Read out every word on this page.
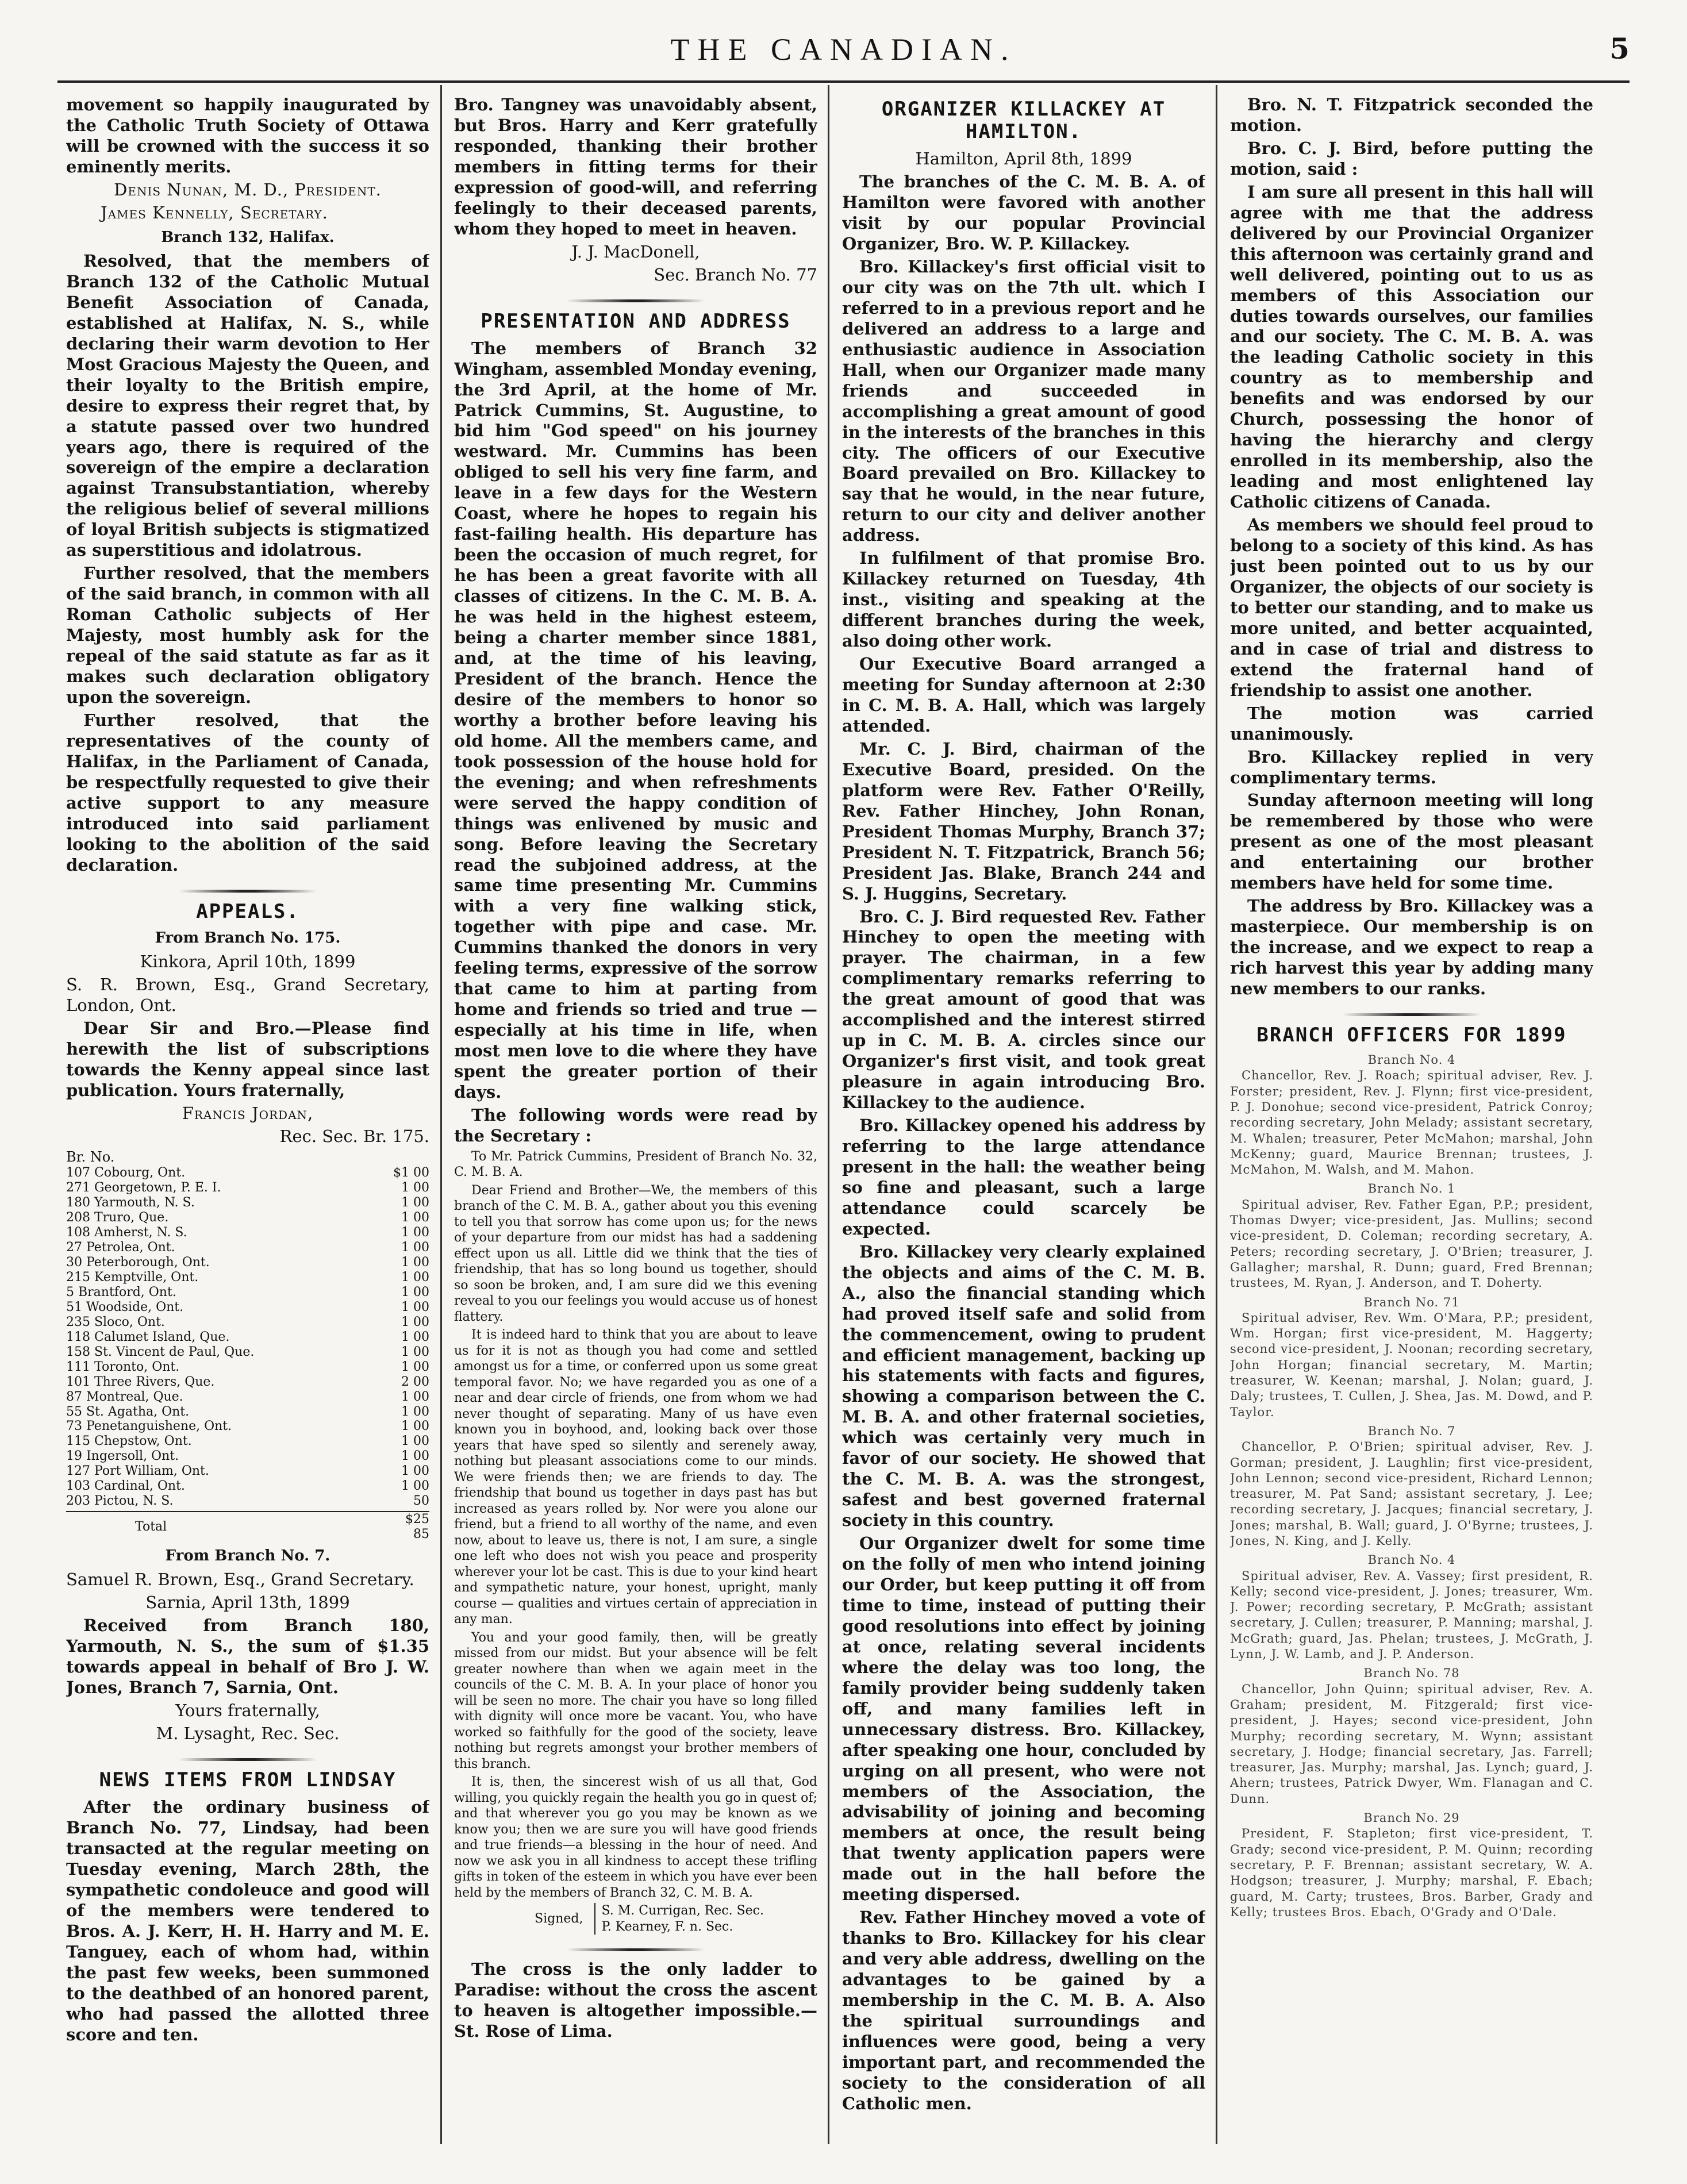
THE CANADIAN.	5

movement so happily inaugurated by the Catholic Truth Society of Ottawa will be crowned with the success it so eminently merits.

Denis Nunan, M. D., President.

James Kennelly, Secretary.

Branch 132, Halifax.

Resolved, that the members of Branch 132 of the Catholic Mutual Benefit Association of Canada, established at Halifax, N. S., while declaring their warm devotion to Her Most Gracious Majesty the Queen, and their loyalty to the British empire, desire to express their regret that, by a statute passed over two hundred years ago, there is required of the sovereign of the empire a declaration against Transubstantiation, whereby the religious belief of several millions of loyal British subjects is stigmatized as superstitious and idolatrous.

Further resolved, that the members of the said branch, in common with all Roman Catholic subjects of Her Majesty, most humbly ask for the repeal of the said statute as far as it makes such declaration obligatory upon the sovereign.

Further resolved, that the representatives of the county of Halifax, in the Parliament of Canada, be respectfully requested to give their active support to any measure introduced into said parliament looking to the abolition of the said declaration.

APPEALS.
From Branch No. 175.

Kinkora, April 10th, 1899

S. R. Brown, Esq., Grand Secretary, London, Ont.

Dear Sir and Bro.—Please find herewith the list of subscriptions towards the Kenny appeal since last publication. Yours fraternally,

Francis Jordan,

Rec. Sec. Br. 175.

Br. No.
107 Cobourg, Ont.	$1 00
271 Georgetown, P. E. I.	1 00
180 Yarmouth, N. S.	1 00
208 Truro, Que.	1 00
108 Amherst, N. S.	1 00
27 Petrolea, Ont.	1 00
30 Peterborough, Ont.	1 00
215 Kemptville, Ont.	1 00
5 Brantford, Ont.	1 00
51 Woodside, Ont.	1 00
235 Sloco, Ont.	1 00
118 Calumet Island, Que.	1 00
158 St. Vincent de Paul, Que.	1 00
111 Toronto, Ont.	1 00
101 Three Rivers, Que.	2 00
87 Montreal, Que.	1 00
55 St. Agatha, Ont.	1 00
73 Penetanguishene, Ont.	1 00
115 Chepstow, Ont.	1 00
19 Ingersoll, Ont.	1 00
127 Port William, Ont.	1 00
103 Cardinal, Ont.	1 00
203 Pictou, N. S.	50
Total	$25 85
From Branch No. 7.

Samuel R. Brown, Esq., Grand Secretary.

Sarnia, April 13th, 1899

Received from Branch 180, Yarmouth, N. S., the sum of $1.35 towards appeal in behalf of Bro J. W. Jones, Branch 7, Sarnia, Ont.

Yours fraternally,

M. Lysaght, Rec. Sec.

NEWS ITEMS FROM LINDSAY

After the ordinary business of Branch No. 77, Lindsay, had been transacted at the regular meeting on Tuesday evening, March 28th, the sympathetic condoleuce and good will of the members were tendered to Bros. A. J. Kerr, H. H. Harry and M. E. Tanguey, each of whom had, within the past few weeks, been summoned to the deathbed of an honored parent, who had passed the allotted three score and ten.

Bro. Tangney was unavoidably absent, but Bros. Harry and Kerr gratefully responded, thanking their brother members in fitting terms for their expression of good-will, and referring feelingly to their deceased parents, whom they hoped to meet in heaven.

J. J. MacDonell,

Sec. Branch No. 77

PRESENTATION AND ADDRESS

The members of Branch 32 Wingham, assembled Monday evening, the 3rd April, at the home of Mr. Patrick Cummins, St. Augustine, to bid him "God speed" on his journey westward. Mr. Cummins has been obliged to sell his very fine farm, and leave in a few days for the Western Coast, where he hopes to regain his fast-failing health. His departure has been the occasion of much regret, for he has been a great favorite with all classes of citizens. In the C. M. B. A. he was held in the highest esteem, being a charter member since 1881, and, at the time of his leaving, President of the branch. Hence the desire of the members to honor so worthy a brother before leaving his old home. All the members came, and took possession of the house hold for the evening; and when refreshments were served the happy condition of things was enlivened by music and song. Before leaving the Secretary read the subjoined address, at the same time presenting Mr. Cummins with a very fine walking stick, together with pipe and case. Mr. Cummins thanked the donors in very feeling terms, expressive of the sorrow that came to him at parting from home and friends so tried and true — especially at his time in life, when most men love to die where they have spent the greater portion of their days.

The following words were read by the Secretary :

To Mr. Patrick Cummins, President of Branch No. 32, C. M. B. A.

Dear Friend and Brother—We, the members of this branch of the C. M. B. A., gather about you this evening to tell you that sorrow has come upon us; for the news of your departure from our midst has had a saddening effect upon us all. Little did we think that the ties of friendship, that has so long bound us together, should so soon be broken, and, I am sure did we this evening reveal to you our feelings you would accuse us of honest flattery.

It is indeed hard to think that you are about to leave us for it is not as though you had come and settled amongst us for a time, or conferred upon us some great temporal favor. No; we have regarded you as one of a near and dear circle of friends, one from whom we had never thought of separating. Many of us have even known you in boyhood, and, looking back over those years that have sped so silently and serenely away, nothing but pleasant associations come to our minds. We were friends then; we are friends to day. The friendship that bound us together in days past has but increased as years rolled by. Nor were you alone our friend, but a friend to all worthy of the name, and even now, about to leave us, there is not, I am sure, a single one left who does not wish you peace and prosperity wherever your lot be cast. This is due to your kind heart and sympathetic nature, your honest, upright, manly course — qualities and virtues certain of appreciation in any man.

You and your good family, then, will be greatly missed from our midst. But your absence will be felt greater nowhere than when we again meet in the councils of the C. M. B. A. In your place of honor you will be seen no more. The chair you have so long filled with dignity will once more be vacant. You, who have worked so faithfully for the good of the society, leave nothing but regrets amongst your brother members of this branch.

It is, then, the sincerest wish of us all that, God willing, you quickly regain the health you go in quest of; and that wherever you go you may be known as we know you; then we are sure you will have good friends and true friends—a blessing in the hour of need. And now we ask you in all kindness to accept these trifling gifts in token of the esteem in which you have ever been held by the members of Branch 32, C. M. B. A.

Signed,
S. M. Currigan, Rec. Sec.
P. Kearney, F. n. Sec.

The cross is the only ladder to Paradise: without the cross the ascent to heaven is altogether impossible.—St. Rose of Lima.

ORGANIZER KILLACKEY AT HAMILTON.

Hamilton, April 8th, 1899

The branches of the C. M. B. A. of Hamilton were favored with another visit by our popular Provincial Organizer, Bro. W. P. Killackey.

Bro. Killackey's first official visit to our city was on the 7th ult. which I referred to in a previous report and he delivered an address to a large and enthusiastic audience in Association Hall, when our Organizer made many friends and succeeded in accomplishing a great amount of good in the interests of the branches in this city. The officers of our Executive Board prevailed on Bro. Killackey to say that he would, in the near future, return to our city and deliver another address.

In fulfilment of that promise Bro. Killackey returned on Tuesday, 4th inst., visiting and speaking at the different branches during the week, also doing other work.

Our Executive Board arranged a meeting for Sunday afternoon at 2:30 in C. M. B. A. Hall, which was largely attended.

Mr. C. J. Bird, chairman of the Executive Board, presided. On the platform were Rev. Father O'Reilly, Rev. Father Hinchey, John Ronan, President Thomas Murphy, Branch 37; President N. T. Fitzpatrick, Branch 56; President Jas. Blake, Branch 244 and S. J. Huggins, Secretary.

Bro. C. J. Bird requested Rev. Father Hinchey to open the meeting with prayer. The chairman, in a few complimentary remarks referring to the great amount of good that was accomplished and the interest stirred up in C. M. B. A. circles since our Organizer's first visit, and took great pleasure in again introducing Bro. Killackey to the audience.

Bro. Killackey opened his address by referring to the large attendance present in the hall: the weather being so fine and pleasant, such a large attendance could scarcely be expected.

Bro. Killackey very clearly explained the objects and aims of the C. M. B. A., also the financial standing which had proved itself safe and solid from the commencement, owing to prudent and efficient management, backing up his statements with facts and figures, showing a comparison between the C. M. B. A. and other fraternal societies, which was certainly very much in favor of our society. He showed that the C. M. B. A. was the strongest, safest and best governed fraternal society in this country.

Our Organizer dwelt for some time on the folly of men who intend joining our Order, but keep putting it off from time to time, instead of putting their good resolutions into effect by joining at once, relating several incidents where the delay was too long, the family provider being suddenly taken off, and many families left in unnecessary distress. Bro. Killackey, after speaking one hour, concluded by urging on all present, who were not members of the Association, the advisability of joining and becoming members at once, the result being that twenty application papers were made out in the hall before the meeting dispersed.

Rev. Father Hinchey moved a vote of thanks to Bro. Killackey for his clear and very able address, dwelling on the advantages to be gained by a membership in the C. M. B. A. Also the spiritual surroundings and influences were good, being a very important part, and recommended the society to the consideration of all Catholic men.

Bro. N. T. Fitzpatrick seconded the motion.

Bro. C. J. Bird, before putting the motion, said :

I am sure all present in this hall will agree with me that the address delivered by our Provincial Organizer this afternoon was certainly grand and well delivered, pointing out to us as members of this Association our duties towards ourselves, our families and our society. The C. M. B. A. was the leading Catholic society in this country as to membership and benefits and was endorsed by our Church, possessing the honor of having the hierarchy and clergy enrolled in its membership, also the leading and most enlightened lay Catholic citizens of Canada.

As members we should feel proud to belong to a society of this kind. As has just been pointed out to us by our Organizer, the objects of our society is to better our standing, and to make us more united, and better acquainted, and in case of trial and distress to extend the fraternal hand of friendship to assist one another.

The motion was carried unanimously.

Bro. Killackey replied in very complimentary terms.

Sunday afternoon meeting will long be remembered by those who were present as one of the most pleasant and entertaining our brother members have held for some time.

The address by Bro. Killackey was a masterpiece. Our membership is on the increase, and we expect to reap a rich harvest this year by adding many new members to our ranks.

BRANCH OFFICERS FOR 1899
Branch No. 4

Chancellor, Rev. J. Roach; spiritual adviser, Rev. J. Forster; president, Rev. J. Flynn; first vice-president, P. J. Donohue; second vice-president, Patrick Conroy; recording secretary, John Melady; assistant secretary, M. Whalen; treasurer, Peter McMahon; marshal, John McKenny; guard, Maurice Brennan; trustees, J. McMahon, M. Walsh, and M. Mahon.

Branch No. 1

Spiritual adviser, Rev. Father Egan, P.P.; president, Thomas Dwyer; vice-president, Jas. Mullins; second vice-president, D. Coleman; recording secretary, A. Peters; recording secretary, J. O'Brien; treasurer, J. Gallagher; marshal, R. Dunn; guard, Fred Brennan; trustees, M. Ryan, J. Anderson, and T. Doherty.

Branch No. 71

Spiritual adviser, Rev. Wm. O'Mara, P.P.; president, Wm. Horgan; first vice-president, M. Haggerty; second vice-president, J. Noonan; recording secretary, John Horgan; financial secretary, M. Martin; treasurer, W. Keenan; marshal, J. Nolan; guard, J. Daly; trustees, T. Cullen, J. Shea, Jas. M. Dowd, and P. Taylor.

Branch No. 7

Chancellor, P. O'Brien; spiritual adviser, Rev. J. Gorman; president, J. Laughlin; first vice-president, John Lennon; second vice-president, Richard Lennon; treasurer, M. Pat Sand; assistant secretary, J. Lee; recording secretary, J. Jacques; financial secretary, J. Jones; marshal, B. Wall; guard, J. O'Byrne; trustees, J. Jones, N. King, and J. Kelly.

Branch No. 4

Spiritual adviser, Rev. A. Vassey; first president, R. Kelly; second vice-president, J. Jones; treasurer, Wm. J. Power; recording secretary, P. McGrath; assistant secretary, J. Cullen; treasurer, P. Manning; marshal, J. McGrath; guard, Jas. Phelan; trustees, J. McGrath, J. Lynn, J. W. Lamb, and J. P. Anderson.

Branch No. 78

Chancellor, John Quinn; spiritual adviser, Rev. A. Graham; president, M. Fitzgerald; first vice-president, J. Hayes; second vice-president, John Murphy; recording secretary, M. Wynn; assistant secretary, J. Hodge; financial secretary, Jas. Farrell; treasurer, Jas. Murphy; marshal, Jas. Lynch; guard, J. Ahern; trustees, Patrick Dwyer, Wm. Flanagan and C. Dunn.

Branch No. 29

President, F. Stapleton; first vice-president, T. Grady; second vice-president, P. M. Quinn; recording secretary, P. F. Brennan; assistant secretary, W. A. Hodgson; treasurer, J. Murphy; marshal, F. Ebach; guard, M. Carty; trustees, Bros. Barber, Grady and Kelly; trustees Bros. Ebach, O'Grady and O'Dale.
